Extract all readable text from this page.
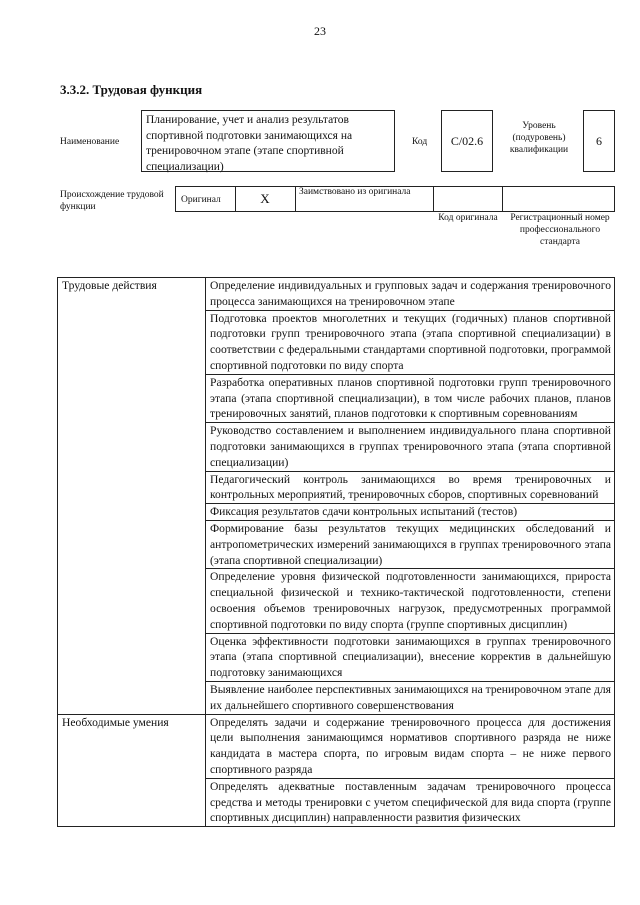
23
3.3.2. Трудовая функция
Наименование
Планирование, учет и анализ результатов спортивной подготовки занимающихся на тренировочном этапе (этапе спортивной специализации)
Код С/02.6
Уровень (подуровень) квалификации
6
Происхождение трудовой функции
Оригинал	X	Заимствовано из оригинала
Код оригинала	Регистрационный номер профессионального стандарта
Трудовые действия	Определение индивидуальных и групповых задач и содержания тренировочного процесса занимающихся на тренировочном этапе
	Подготовка проектов многолетних и текущих (годичных) планов спортивной подготовки групп тренировочного этапа (этапа спортивной специализации) в соответствии с федеральными стандартами спортивной подготовки, программой спортивной подготовки по виду спорта
	Разработка оперативных планов спортивной подготовки групп тренировочного этапа (этапа спортивной специализации), в том числе рабочих планов, планов тренировочных занятий, планов подготовки к спортивным соревнованиям
	Руководство составлением и выполнением индивидуального плана спортивной подготовки занимающихся в группах тренировочного этапа (этапа спортивной специализации)
	Педагогический контроль занимающихся во время тренировочных и контрольных мероприятий, тренировочных сборов, спортивных соревнований
	Фиксация результатов сдачи контрольных испытаний (тестов)
	Формирование базы результатов текущих медицинских обследований и антропометрических измерений занимающихся в группах тренировочного этапа (этапа спортивной специализации)
	Определение уровня физической подготовленности занимающихся, прироста специальной физической и технико-тактической подготовленности, степени освоения объемов тренировочных нагрузок, предусмотренных программой спортивной подготовки по виду спорта (группе спортивных дисциплин)
	Оценка эффективности подготовки занимающихся в группах тренировочного этапа (этапа спортивной специализации), внесение корректив в дальнейшую подготовку занимающихся
	Выявление наиболее перспективных занимающихся на тренировочном этапе для их дальнейшего спортивного совершенствования
Необходимые умения	Определять задачи и содержание тренировочного процесса для достижения цели выполнения занимающимся нормативов спортивного разряда не ниже кандидата в мастера спорта, по игровым видам спорта – не ниже первого спортивного разряда
	Определять адекватные поставленным задачам тренировочного процесса средства и методы тренировки с учетом специфической для вида спорта (группе спортивных дисциплин) направленности развития физических
